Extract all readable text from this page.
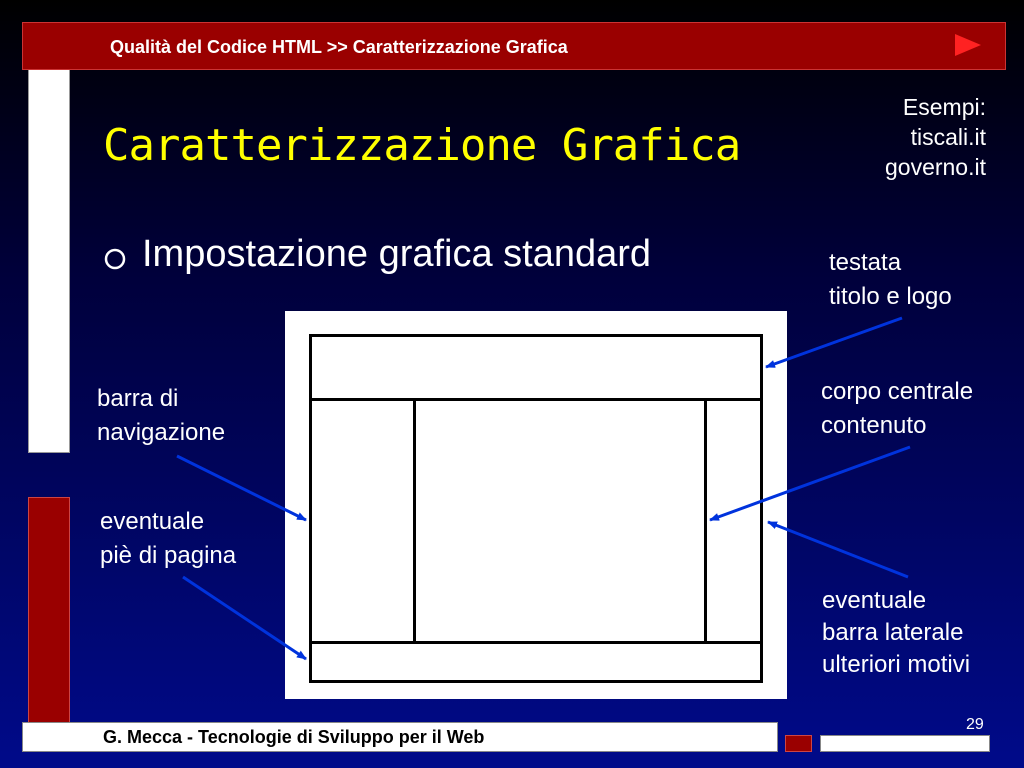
Qualità del Codice HTML >> Caratterizzazione Grafica
Caratterizzazione Grafica
Esempi:
tiscali.it
governo.it
Impostazione grafica standard	testata
titolo e logo
barra di
navigazione
corpo centrale
contenuto
eventuale
piè di pagina
eventuale
barra laterale
ulteriori motivi
G. Mecca - Tecnologie di Sviluppo per il Web
29
